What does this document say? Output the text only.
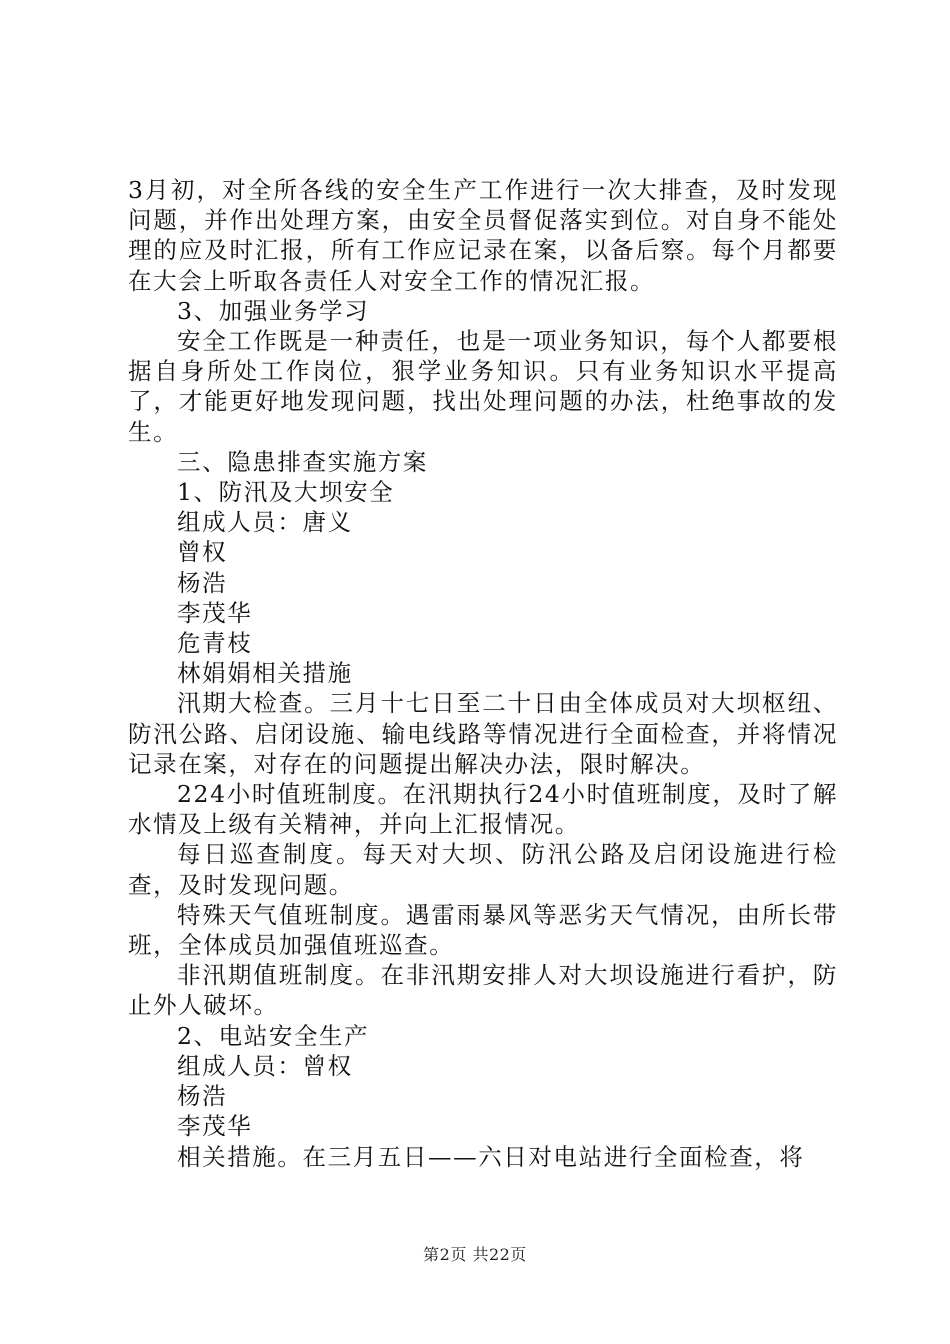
3月初，对全所各线的安全生产工作进行一次大排查，及时发现问题，并作出处理方案，由安全员督促落实到位。对自身不能处理的应及时汇报，所有工作应记录在案，以备后察。每个月都要在大会上听取各责任人对安全工作的情况汇报。

3、加强业务学习

安全工作既是一种责任，也是一项业务知识，每个人都要根据自身所处工作岗位，狠学业务知识。只有业务知识水平提高了，才能更好地发现问题，找出处理问题的办法，杜绝事故的发生。

三、隐患排查实施方案

1、防汛及大坝安全

组成人员：唐义

曾权

杨浩

李茂华

危青枝

林娟娟相关措施

汛期大检查。三月十七日至二十日由全体成员对大坝枢纽、防汛公路、启闭设施、输电线路等情况进行全面检查，并将情况记录在案，对存在的问题提出解决办法，限时解决。

224小时值班制度。在汛期执行24小时值班制度，及时了解水情及上级有关精神，并向上汇报情况。

每日巡查制度。每天对大坝、防汛公路及启闭设施进行检查，及时发现问题。

特殊天气值班制度。遇雷雨暴风等恶劣天气情况，由所长带班，全体成员加强值班巡查。

非汛期值班制度。在非汛期安排人对大坝设施进行看护，防止外人破坏。

2、电站安全生产

组成人员：曾权

杨浩

李茂华

相关措施。在三月五日——六日对电站进行全面检查，将

第2页 共22页
